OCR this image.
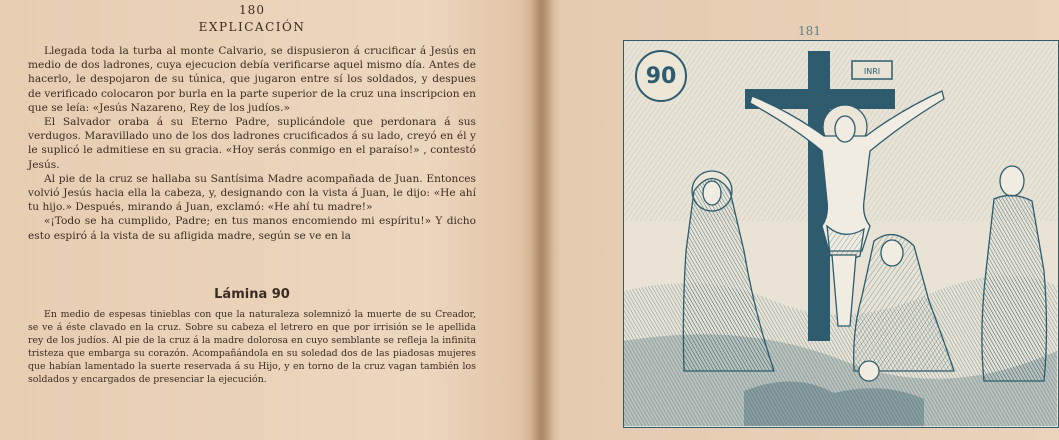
180
EXPLICACIÓN

Llegada toda la turba al monte Calvario, se dispusieron á crucificar á Jesús en medio de dos ladrones, cuya ejecucion debía verificarse aquel mismo día. Antes de hacerlo, le despojaron de su túnica, que jugaron entre sí los soldados, y despues de verificado colocaron por burla en la parte superior de la cruz una inscripcion en que se leía: «Jesús Nazareno, Rey de los judíos.»

El Salvador oraba á su Eterno Padre, suplicándole que perdonara á sus verdugos. Maravillado uno de los dos ladrones crucificados á su lado, creyó en él y le suplicó le admitiese en su gracia. «Hoy serás conmigo en el paraíso!» , contestó Jesús.

Al pie de la cruz se hallaba su Santísima Madre acompañada de Juan. Entonces volvió Jesús hacia ella la cabeza, y, designando con la vista á Juan, le dijo: «He ahí tu hijo.» Después, mirando á Juan, exclamó: «He ahí tu madre!»

«¡Todo se ha cumplido, Padre; en tus manos encomiendo mi espíritu!» Y dicho esto espiró á la vista de su afligida madre, según se ve en la

Lámina 90

En medio de espesas tinieblas con que la naturaleza solemnizó la muerte de su Creador, se ve á éste clavado en la cruz. Sobre su cabeza el letrero en que por irrisión se le apellida rey de los judíos. Al pie de la cruz á la madre dolorosa en cuyo semblante se refleja la infinita tristeza que embarga su corazón. Acompañándola en su soledad dos de las piadosas mujeres que habían lamentado la suerte reservada á su Hijo, y en torno de la cruz vagan también los soldados y encargados de presenciar la ejecución.

181
INRI
90
